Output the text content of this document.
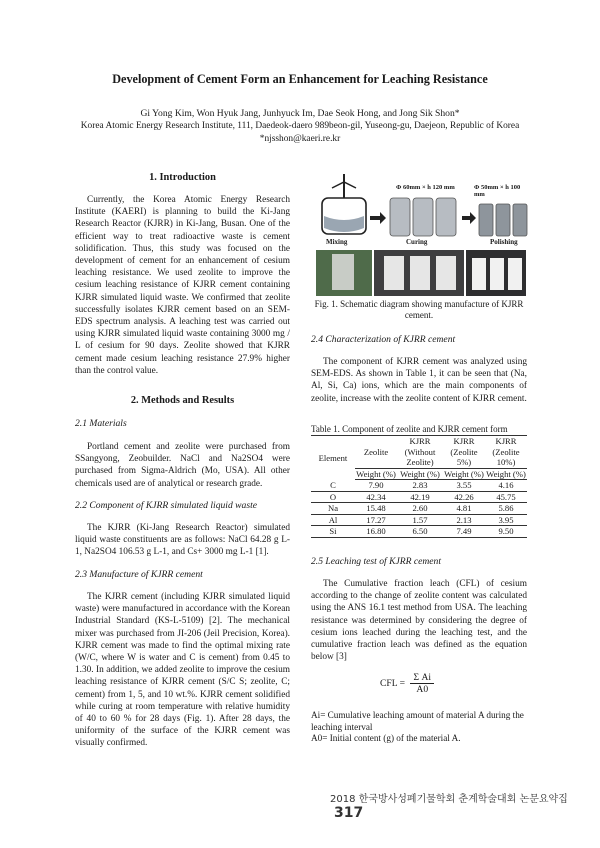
Development of Cement Form an Enhancement for Leaching Resistance
Gi Yong Kim, Won Hyuk Jang, Junhyuck Im, Dae Seok Hong, and Jong Sik Shon*
Korea Atomic Energy Research Institute, 111, Daedeok-daero 989beon-gil, Yuseong-gu, Daejeon, Republic of Korea
*njsshon@kaeri.re.kr
1. Introduction
Currently, the Korea Atomic Energy Research Institute (KAERI) is planning to build the Ki-Jang Research Reactor (KJRR) in Ki-Jang, Busan. One of the efficient way to treat radioactive waste is cement solidification. Thus, this study was focused on the development of cement for an enhancement of cesium leaching resistance. We used zeolite to improve the cesium leaching resistance of KJRR cement containing KJRR simulated liquid waste. We confirmed that zeolite successfully isolates KJRR cement based on an SEM-EDS spectrum analysis. A leaching test was carried out using KJRR simulated liquid waste containing 3000 mg / L of cesium for 90 days. Zeolite showed that KJRR cement made cesium leaching resistance 27.9% higher than the control value.
2. Methods and Results
2.1 Materials
Portland cement and zeolite were purchased from SSangyong, Zeobuilder. NaCl and Na2SO4 were purchased from Sigma-Aldrich (Mo, USA). All other chemicals used are of analytical or research grade.
2.2 Component of KJRR simulated liquid waste
The KJRR (Ki-Jang Research Reactor) simulated liquid waste constituents are as follows: NaCl 64.28 g L-1, Na2SO4 106.53 g L-1, and Cs+ 3000 mg L-1 [1].
2.3 Manufacture of KJRR cement
The KJRR cement (including KJRR simulated liquid waste) were manufactured in accordance with the Korean Industrial Standard (KS-L-5109) [2]. The mechanical mixer was purchased from JI-206 (Jeil Precision, Korea). KJRR cement was made to find the optimal mixing rate (W/C, where W is water and C is cement) from 0.45 to 1.30. In addition, we added zeolite to improve the cesium leaching resistance of KJRR cement (S/C S; zeolite, C; cement) from 1, 5, and 10 wt.%. KJRR cement solidified while curing at room temperature with relative humidity of 40 to 60 % for 28 days (Fig. 1). After 28 days, the uniformity of the surface of the KJRR cement was visually confirmed.
Φ 60mm × h 120 mm	Φ 50mm × h 100 mm
Mixing	Curing	Polishing
Fig. 1. Schematic diagram showing manufacture of KJRR cement.
2.4 Characterization of KJRR cement
The component of KJRR cement was analyzed using SEM-EDS. As shown in Table 1, it can be seen that (Na, Al, Si, Ca) ions, which are the main components of zeolite, increase with the zeolite content of KJRR cement.
Table 1. Component of zeolite and KJRR cement form
Element	Zeolite	KJRR (Without Zeolite)	KJRR (Zeolite 5%)	KJRR (Zeolite 10%)
	Weight (%)	Weight (%)	Weight (%)	Weight (%)
C	7.90	2.83	3.55	4.16
O	42.34	42.19	42.26	45.75
Na	15.48	2.60	4.81	5.86
Al	17.27	1.57	2.13	3.95
Si	16.80	6.50	7.49	9.50
2.5 Leaching test of KJRR cement
The Cumulative fraction leach (CFL) of cesium according to the change of zeolite content was calculated using the ANS 16.1 test method from USA. The leaching resistance was determined by considering the degree of cesium ions leached during the leaching test, and the cumulative fraction leach was defined as the equation below [3]
CFL = $\frac{\text{Σ Ai}}{A0}$
Ai= Cumulative leaching amount of material A during the leaching interval
A0= Initial content (g) of the material A.
2018 한국방사성폐기물학회 춘계학술대회 논문요약집317
